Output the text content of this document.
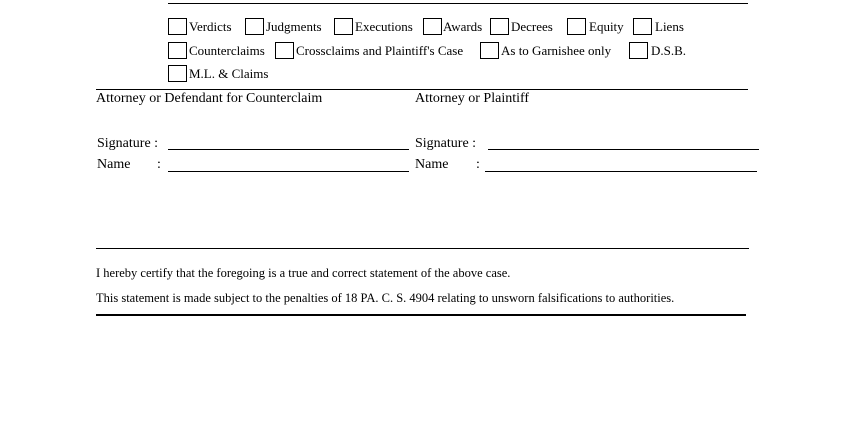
Verdicts	Judgments	Executions Awards Decrees	Equity Liens
Counterclaims Crossclaims and Plaintiff's Case	As to Garnishee only	D.S.B.
M.L. & Claims
Attorney or Defendant for Counterclaim	Attorney or Plaintiff
Signature :
Name :
Signature :
Name :
I hereby certify that the foregoing is a true and correct statement of the above case.
This statement is made subject to the penalties of 18 PA. C. S. 4904 relating to unsworn falsifications to authorities.
